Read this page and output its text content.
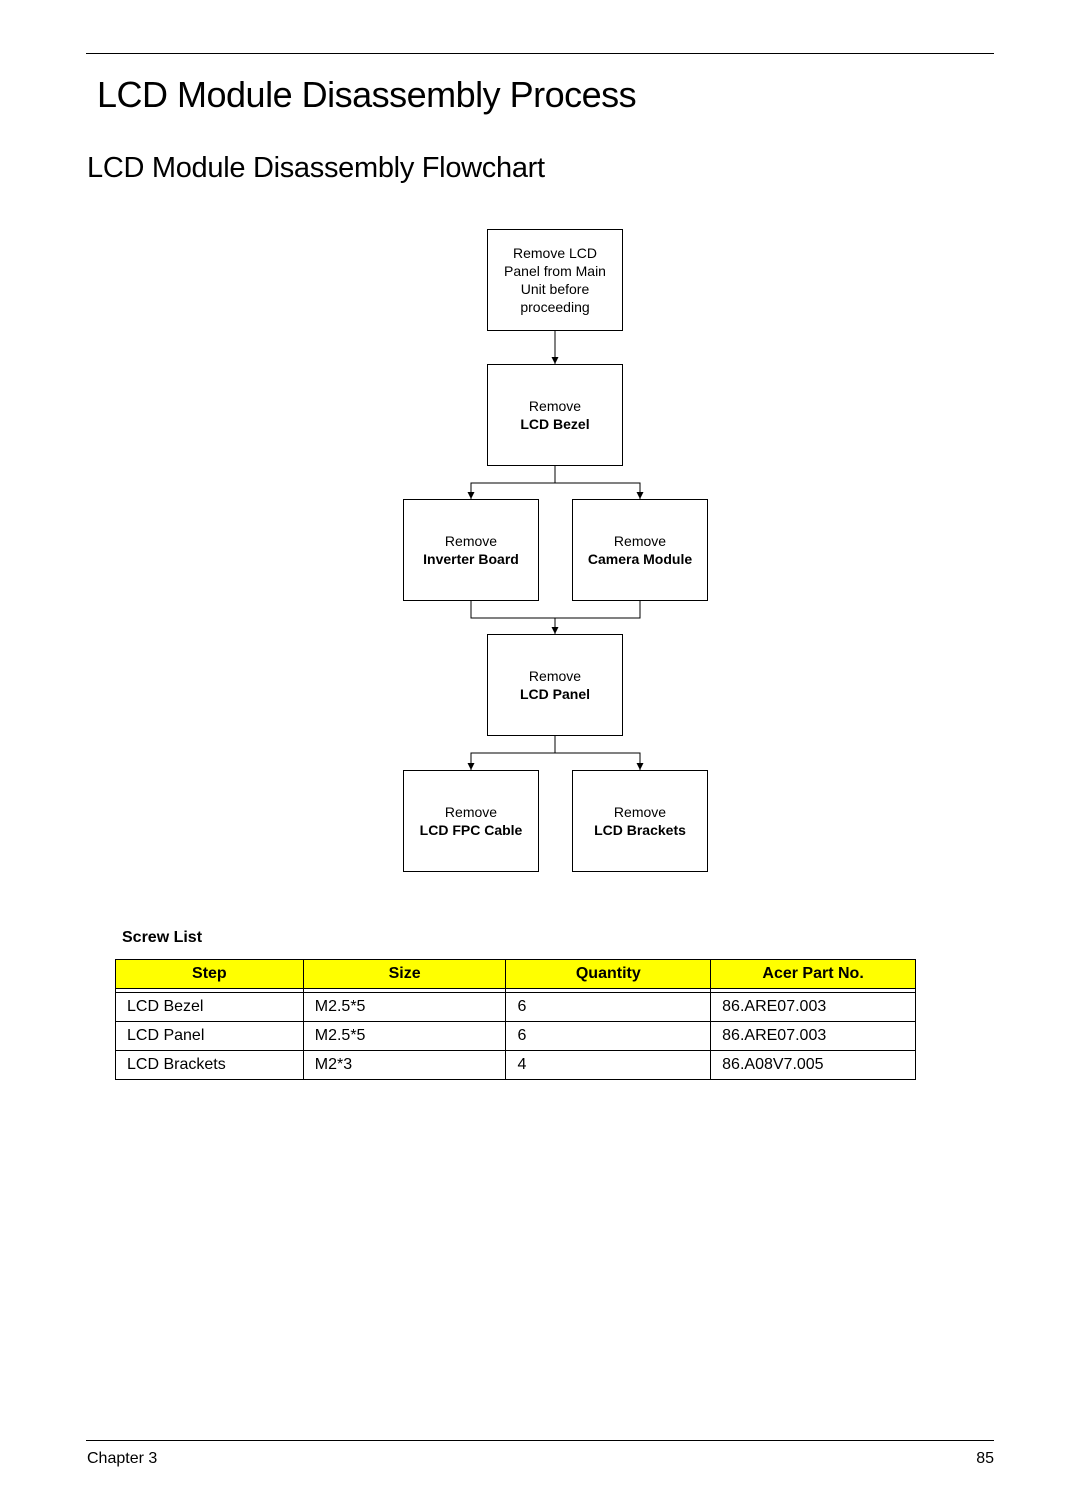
LCD Module Disassembly Process
LCD Module Disassembly Flowchart
Remove LCD
Panel from Main
Unit before
proceeding
Remove
LCD Bezel
Remove
Inverter Board
Remove
Camera Module
Remove
LCD Panel
Remove
LCD FPC Cable
Remove
LCD Brackets
Screw List
Step	Size	Quantity	Acer Part No.

LCD Bezel	M2.5*5	6	86.ARE07.003
LCD Panel	M2.5*5	6	86.ARE07.003
LCD Brackets	M2*3	4	86.A08V7.005
Chapter 3	85
